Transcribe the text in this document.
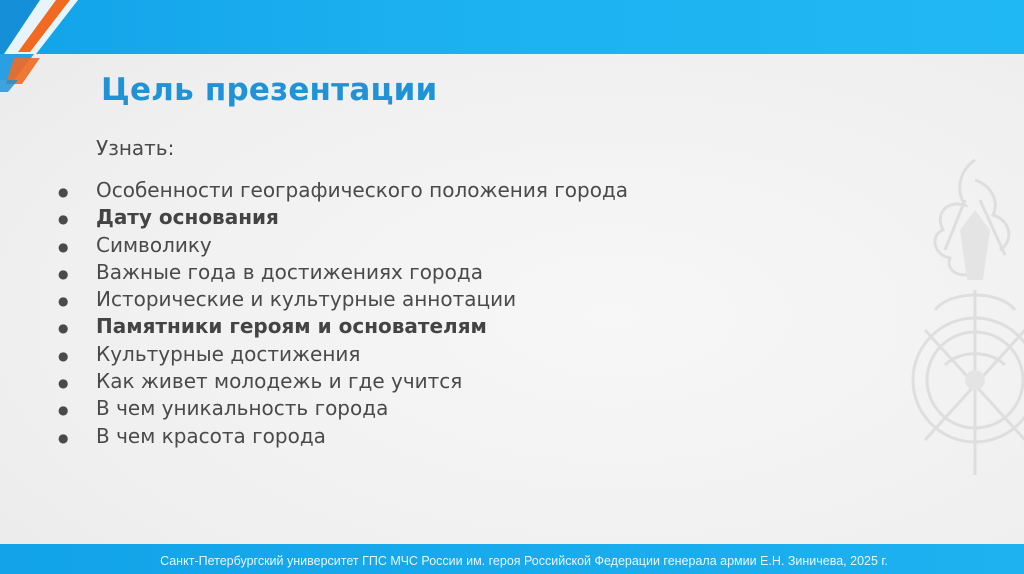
Цель презентации

Узнать:

● Особенности географического положения города
● Дату основания
● Символику
● Важные года в достижениях города
● Исторические и культурные аннотации
● Памятники героям и основателям
● Культурные достижения
● Как живет молодежь и где учится
● В чем уникальность города
● В чем красота города
Санкт-Петербургский университет ГПС МЧС России им. героя Российской Федерации генерала армии Е.Н. Зиничева, 2025 г.
